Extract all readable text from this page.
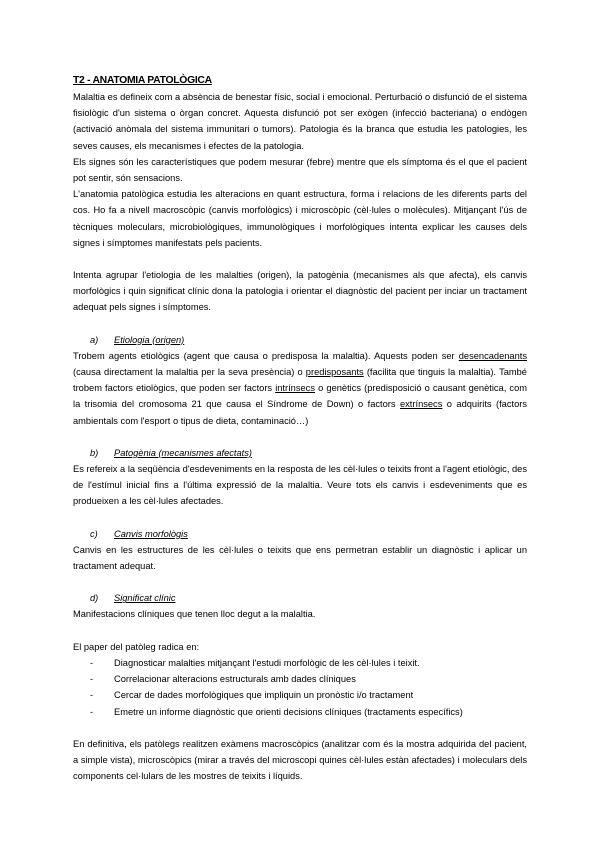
T2 - ANATOMIA PATOLÒGICA

Malaltia es defineix com a absència de benestar físic, social i emocional. Perturbació o disfunció de el sistema fisiològic d'un sistema o òrgan concret. Aquesta disfunció pot ser exògen (infecció bacteriana) o endògen (activació anòmala del sistema immunitari o tumors). Patologia és la branca que estudia les patologies, les seves causes, els mecanismes i efectes de la patologia.

Els signes són les característiques que podem mesurar (febre) mentre que els símptoma és el que el pacient pot sentir, són sensacions.

L'anatomia patològica estudia les alteracions en quant estructura, forma i relacions de les diferents parts del cos. Ho fa a nivell macroscòpic (canvis morfològics) i microscòpic (cèl·lules o molècules). Mitjançant l'ús de tècniques moleculars, microbiològiques, immunològiques i morfològiques intenta explicar les causes dels signes i símptomes manifestats pels pacients.

Intenta agrupar l'etiologia de les malalties (origen), la patogènia (mecanismes als que afecta), els canvis morfològics i quin significat clínic dona la patologia i orientar el diagnòstic del pacient per inciar un tractament adequat pels signes i símptomes.

a)	Etiologia (origen)

Trobem agents etiològics (agent que causa o predisposa la malaltia). Aquests poden ser desencadenants (causa directament la malaltia per la seva presència) o predisposants (facilita que tinguis la malaltia). També trobem factors etiològics, que poden ser factors intrínsecs o genètics (predisposició o causant genètica, com la trisomia del cromosoma 21 que causa el Síndrome de Down) o factors extrínsecs o adquirits (factors ambientals com l'esport o tipus de dieta, contaminació…)

b)	Patogènia (mecanismes afectats)

Es refereix a la seqüència d'esdeveniments en la resposta de les cèl·lules o teixits front a l'agent etiològic, des de l'estímul inicial fins a l'última expressió de la malaltia. Veure tots els canvis i esdeveniments que es produeixen a les cèl·lules afectades.

c)	Canvis morfològis

Canvis en les estructures de les cèl·lules o teixits que ens permetran establir un diagnòstic i aplicar un tractament adequat.

d)	Significat clínic

Manifestacions clíniques que tenen lloc degut a la malaltia.

El paper del patòleg radica en:

-	Diagnosticar malalties mitjançant l'estudi morfològic de les cèl·lules i teixit.
-	Correlacionar alteracions estructurals amb dades clíniques
-	Cercar de dades morfològiques que impliquin un pronòstic i/o tractament
-	Emetre un informe diagnòstic que orienti decisions clíniques (tractaments específics)

En definitiva, els patòlegs realitzen exàmens macroscòpics (analitzar com és la mostra adquirida del pacient, a simple vista), microscòpics (mirar a través del microscopi quines cèl·lules estàn afectades) i moleculars dels components cel·lulars de les mostres de teixits i líquids.
